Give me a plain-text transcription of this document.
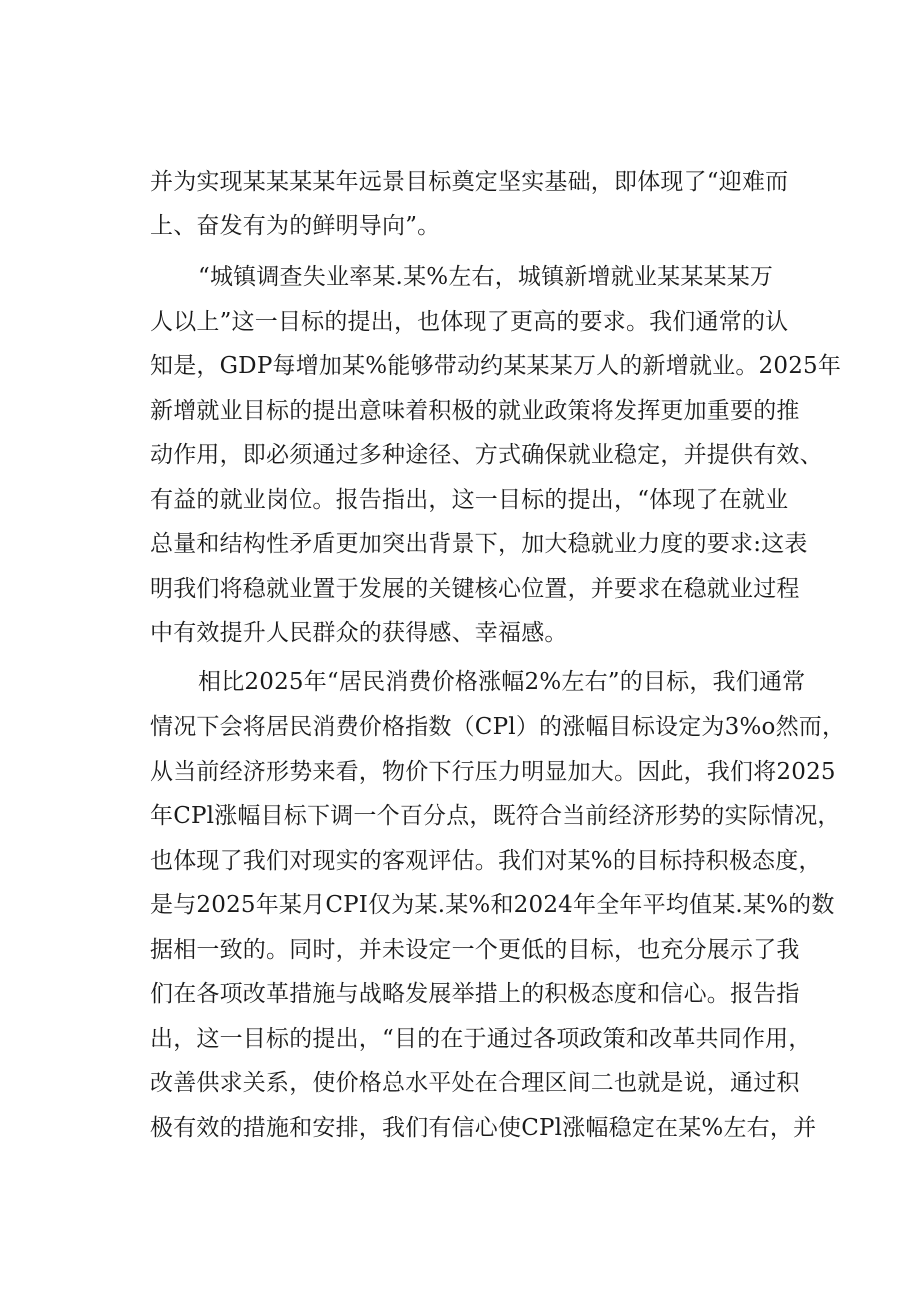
并为实现某某某某年远景目标奠定坚实基础，即体现了“迎难而
上、奋发有为的鲜明导向”。
“城镇调查失业率某.某%左右，城镇新增就业某某某某万
人以上”这一目标的提出，也体现了更高的要求。我们通常的认
知是，GDP每增加某%能够带动约某某某万人的新增就业。2025年
新增就业目标的提出意味着积极的就业政策将发挥更加重要的推
动作用，即必须通过多种途径、方式确保就业稳定，并提供有效、
有益的就业岗位。报告指出，这一目标的提出，“体现了在就业
总量和结构性矛盾更加突出背景下，加大稳就业力度的要求:这表
明我们将稳就业置于发展的关键核心位置，并要求在稳就业过程
中有效提升人民群众的获得感、幸福感。
相比2025年“居民消费价格涨幅2%左右”的目标，我们通常
情况下会将居民消费价格指数（CPl）的涨幅目标设定为3%o然而，
从当前经济形势来看，物价下行压力明显加大。因此，我们将2025
年CPl涨幅目标下调一个百分点，既符合当前经济形势的实际情况，
也体现了我们对现实的客观评估。我们对某%的目标持积极态度，
是与2025年某月CPI仅为某.某%和2024年全年平均值某.某%的数
据相一致的。同时，并未设定一个更低的目标，也充分展示了我
们在各项改革措施与战略发展举措上的积极态度和信心。报告指
出，这一目标的提出，“目的在于通过各项政策和改革共同作用，
改善供求关系，使价格总水平处在合理区间二也就是说，通过积
极有效的措施和安排，我们有信心使CPl涨幅稳定在某%左右，并
